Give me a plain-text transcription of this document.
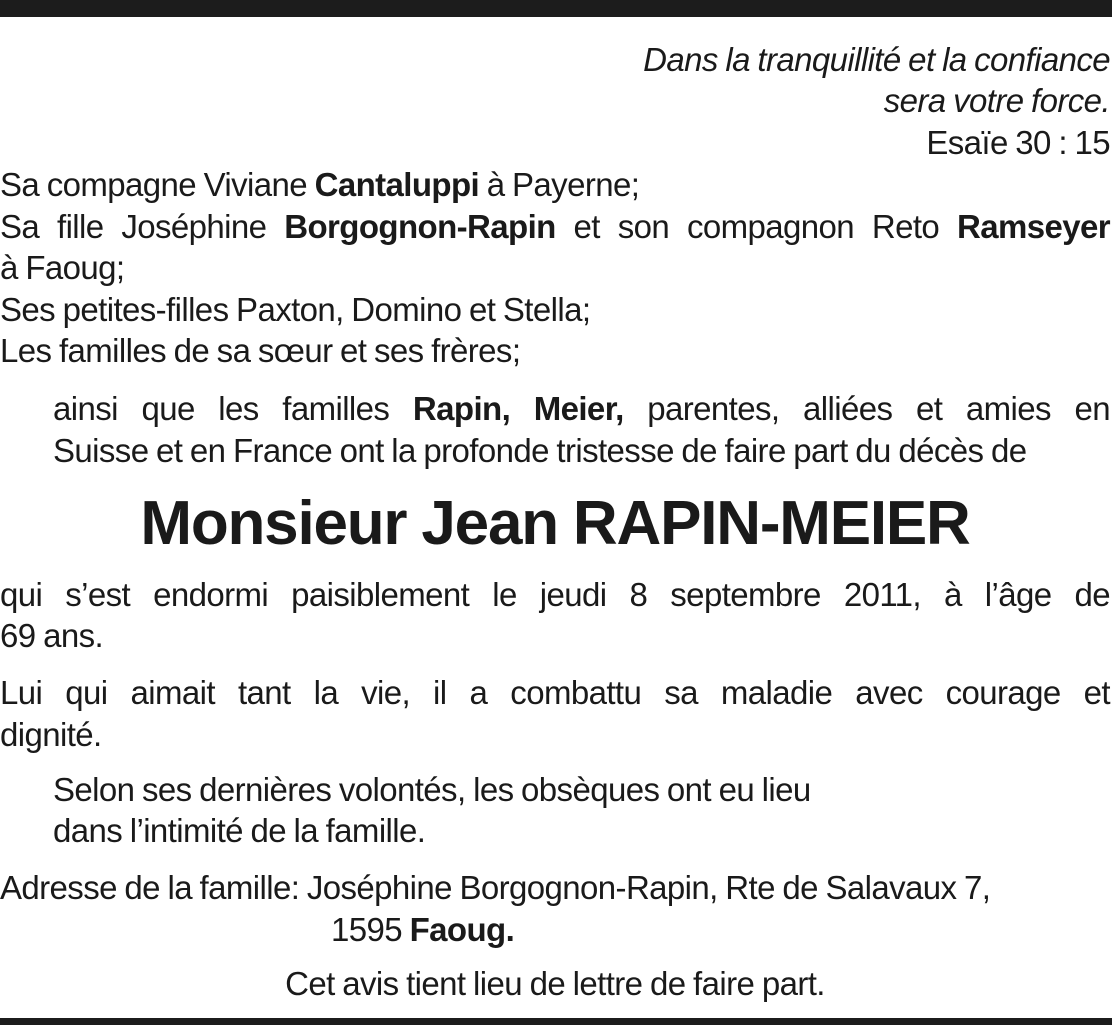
Dans la tranquillité et la confiance
sera votre force.
Esaïe 30 : 15
Sa compagne Viviane Cantaluppi à Payerne;
Sa fille Joséphine Borgognon-Rapin et son compagnon Reto Ramseyer
à Faoug;
Ses petites-filles Paxton, Domino et Stella;
Les familles de sa sœur et ses frères;
ainsi que les familles Rapin, Meier, parentes, alliées et amies en
Suisse et en France ont la profonde tristesse de faire part du décès de
Monsieur Jean RAPIN-MEIER
qui s’est endormi paisiblement le jeudi 8 septembre 2011, à l’âge de
69 ans.
Lui qui aimait tant la vie, il a combattu sa maladie avec courage et
dignité.
Selon ses dernières volontés, les obsèques ont eu lieu
dans l’intimité de la famille.
Adresse de la famille: Joséphine Borgognon-Rapin, Rte de Salavaux 7,
1595 Faoug.
Cet avis tient lieu de lettre de faire part.
